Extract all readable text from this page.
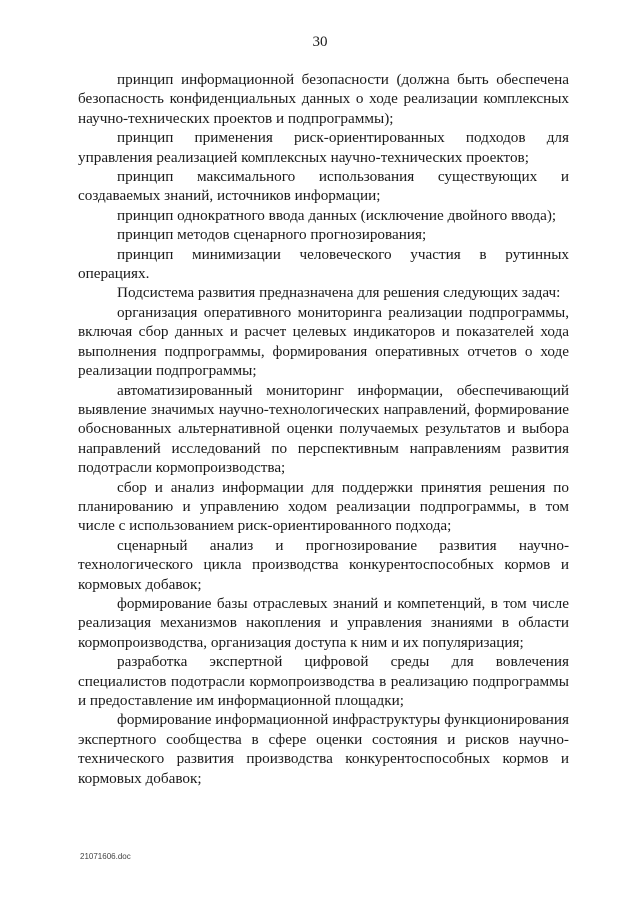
30

принцип информационной безопасности (должна быть обеспечена безопасность конфиденциальных данных о ходе реализации комплексных научно-технических проектов и подпрограммы);

принцип применения риск-ориентированных подходов для управления реализацией комплексных научно-технических проектов;

принцип максимального использования существующих и создаваемых знаний, источников информации;

принцип однократного ввода данных (исключение двойного ввода);

принцип методов сценарного прогнозирования;

принцип минимизации человеческого участия в рутинных операциях.

Подсистема развития предназначена для решения следующих задач:

организация оперативного мониторинга реализации подпрограммы, включая сбор данных и расчет целевых индикаторов и показателей хода выполнения подпрограммы, формирования оперативных отчетов о ходе реализации подпрограммы;

автоматизированный мониторинг информации, обеспечивающий выявление значимых научно-технологических направлений, формирование обоснованных альтернативной оценки получаемых результатов и выбора направлений исследований по перспективным направлениям развития подотрасли кормопроизводства;

сбор и анализ информации для поддержки принятия решения по планированию и управлению ходом реализации подпрограммы, в том числе с использованием риск-ориентированного подхода;

сценарный анализ и прогнозирование развития научно-технологического цикла производства конкурентоспособных кормов и кормовых добавок;

формирование базы отраслевых знаний и компетенций, в том числе реализация механизмов накопления и управления знаниями в области кормопроизводства, организация доступа к ним и их популяризация;

разработка экспертной цифровой среды для вовлечения специалистов подотрасли кормопроизводства в реализацию подпрограммы и предоставление им информационной площадки;

формирование информационной инфраструктуры функционирования экспертного сообщества в сфере оценки состояния и рисков научно-технического развития производства конкурентоспособных кормов и кормовых добавок;

21071606.doc
